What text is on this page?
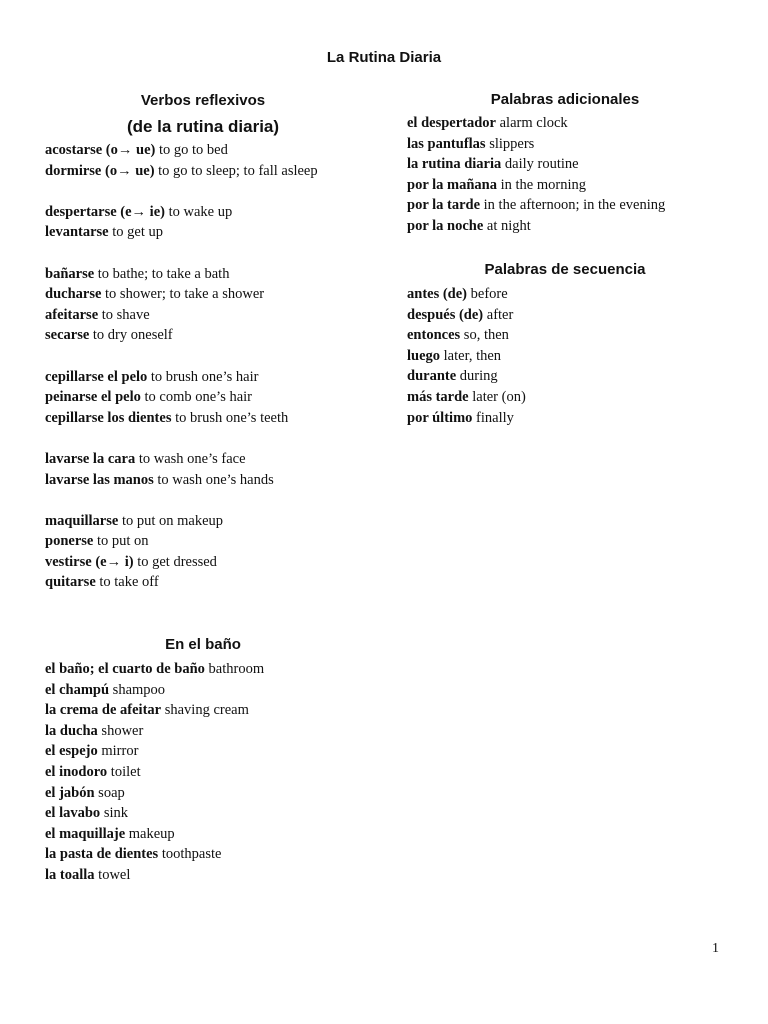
La Rutina Diaria
Verbos reflexivos
(de la rutina diaria)
acostarse (o→ ue) to go to bed
dormirse (o→ ue) to go to sleep; to fall asleep
despertarse (e→ ie) to wake up
levantarse to get up
bañarse to bathe; to take a bath
ducharse to shower; to take a shower
afeitarse to shave
secarse to dry oneself
cepillarse el pelo to brush one’s hair
peinarse el pelo to comb one’s hair
cepillarse los dientes to brush one’s teeth
lavarse la cara to wash one’s face
lavarse las manos to wash one’s hands
maquillarse to put on makeup
ponerse to put on
vestirse (e→ i) to get dressed
quitarse to take off
En el baño
el baño; el cuarto de baño bathroom
el champú shampoo
la crema de afeitar shaving cream
la ducha shower
el espejo mirror
el inodoro toilet
el jabón soap
el lavabo sink
el maquillaje makeup
la pasta de dientes toothpaste
la toalla towel
Palabras adicionales
el despertador alarm clock
las pantuflas slippers
la rutina diaria daily routine
por la mañana in the morning
por la tarde in the afternoon; in the evening
por la noche at night
Palabras de secuencia
antes (de) before
después (de) after
entonces so, then
luego later, then
durante during
más tarde later (on)
por último finally
1
